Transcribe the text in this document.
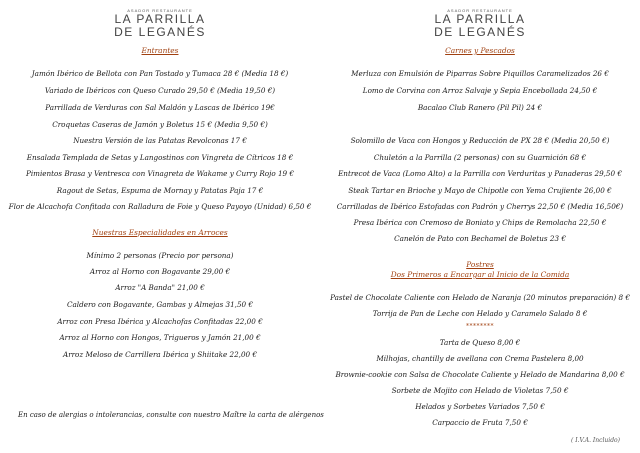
ASADOR RESTAURANTE
LA PARRILLA
DE LEGANÉS
Entrantes
Jamón Ibérico de Bellota con Pan Tostado y Tumaca 28 € (Media 18 €)
Variado de Ibéricos con Queso Curado 29,50 € (Media 19,50 €)
Parrillada de Verduras con Sal Maldón y Lascas de Ibérico 19€
Croquetas Caseras de Jamón y Boletus 15 € (Media 9,50 €)
Nuestra Versión de las Patatas Revolconas 17 €
Ensalada Templada de Setas y Langostinos con Vingreta de Cítricos 18 €
Pimientos Brasa y Ventresca con Vinagreta de Wakame y Curry Rojo 19 €
Ragout de Setas, Espuma de Mornay y Patatas Paja 17 €
Flor de Alcachofa Confitada con Ralladura de Foie y Queso Payoyo (Unidad) 6,50 €
Nuestras Especialidades en Arroces
Mínimo 2 personas (Precio por persona)
Arroz al Horno con Bogavante 29,00 €
Arroz "A Banda" 21,00 €
Caldero con Bogavante, Gambas y Almejas 31,50 €
Arroz con Presa Ibérica y Alcachofas Confitadas 22,00 €
Arroz al Horno con Hongos, Trigueros y Jamón 21,00 €
Arroz Meloso de Carrillera Ibérica y Shiitake 22,00 €
En caso de alergias o intolerancias, consulte con nuestro Maître la carta de alérgenos
ASADOR RESTAURANTE
LA PARRILLA
DE LEGANÉS
Carnes y Pescados
Merluza con Emulsión de Piparras Sobre Piquillos Caramelizados 26 €
Lomo de Corvina con Arroz Salvaje y Sepia Encebollada 24,50 €
Bacalao Club Ranero (Pil Pil) 24 €
Solomillo de Vaca con Hongos y Reducción de PX 28 € (Media 20,50 €)
Chuletón a la Parrilla (2 personas) con su Guarnición 68 €
Entrecot de Vaca (Lomo Alto) a la Parrilla con Verduritas y Panaderas 29,50 €
Steak Tartar en Brioche y Mayo de Chipotle con Yema Crujiente 26,00 €
Carrilladas de Ibérico Estofadas con Padrón y Cherrys 22,50 € (Media 16,50€)
Presa Ibérica con Cremoso de Boniato y Chips de Remolacha 22,50 €
Canelón de Pato con Bechamel de Boletus 23 €
Postres
Dos Primeros a Encargar al Inicio de la Comida
Pastel de Chocolate Caliente con Helado de Naranja (20 minutos preparación) 8 €
Torrija de Pan de Leche con Helado y Caramelo Salado 8 €
********
Tarta de Queso 8,00 €
Milhojas, chantilly de avellana con Crema Pastelera 8,00
Brownie-cookie con Salsa de Chocolate Caliente y Helado de Mandarina 8,00 €
Sorbete de Mojito con Helado de Violetas 7,50 €
Helados y Sorbetes Variados 7,50 €
Carpaccio de Fruta 7,50 €
( I.V.A. Incluido)
